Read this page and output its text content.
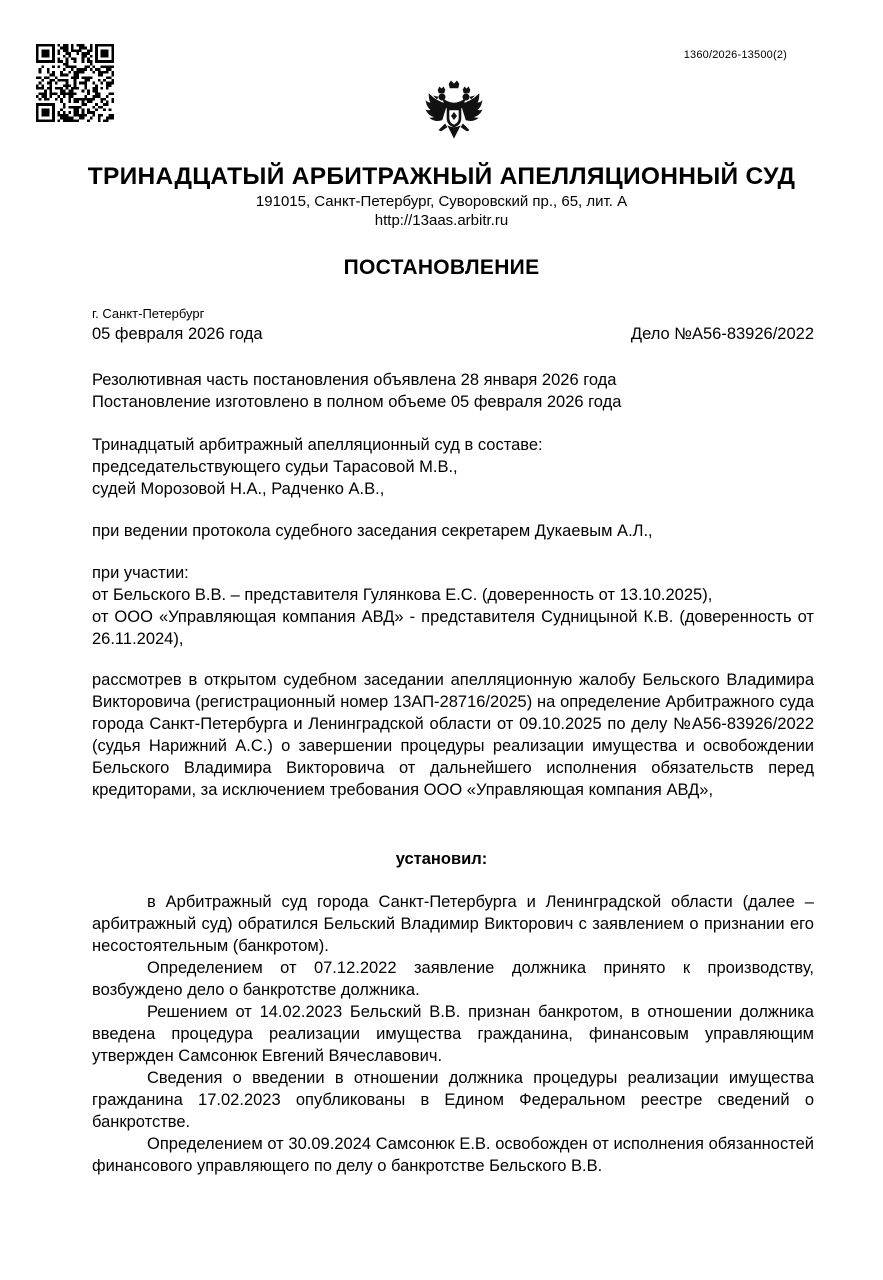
1360/2026-13500(2)
ТРИНАДЦАТЫЙ АРБИТРАЖНЫЙ АПЕЛЛЯЦИОННЫЙ СУД
191015, Санкт-Петербург, Суворовский пр., 65, лит. А
http://13aas.arbitr.ru
ПОСТАНОВЛЕНИЕ
г. Санкт-Петербург
05 февраля 2026 года	Дело №А56-83926/2022
Резолютивная часть постановления объявлена 28 января 2026 года
Постановление изготовлено в полном объеме 05 февраля 2026 года
Тринадцатый арбитражный апелляционный суд в составе:
председательствующего судьи Тарасовой М.В.,
судей Морозовой Н.А., Радченко А.В.,
при ведении протокола судебного заседания секретарем Дукаевым А.Л.,
при участии:
от Бельского В.В. – представителя Гулянкова Е.С. (доверенность от 13.10.2025),
от ООО «Управляющая компания АВД» - представителя Судницыной К.В. (доверенность от 26.11.2024),
рассмотрев в открытом судебном заседании апелляционную жалобу Бельского Владимира Викторовича (регистрационный номер 13АП-28716/2025) на определение Арбитражного суда города Санкт-Петербурга и Ленинградской области от 09.10.2025 по делу №А56-83926/2022 (судья Нарижний А.С.) о завершении процедуры реализации имущества и освобождении Бельского Владимира Викторовича от дальнейшего исполнения обязательств перед кредиторами, за исключением требования ООО «Управляющая компания АВД»,
установил:
в Арбитражный суд города Санкт-Петербурга и Ленинградской области (далее – арбитражный суд) обратился Бельский Владимир Викторович с заявлением о признании его несостоятельным (банкротом).
Определением от 07.12.2022 заявление должника принято к производству, возбуждено дело о банкротстве должника.
Решением от 14.02.2023 Бельский В.В. признан банкротом, в отношении должника введена процедура реализации имущества гражданина, финансовым управляющим утвержден Самсонюк Евгений Вячеславович.
Сведения о введении в отношении должника процедуры реализации имущества гражданина 17.02.2023 опубликованы в Едином Федеральном реестре сведений о банкротстве.
Определением от 30.09.2024 Самсонюк Е.В. освобожден от исполнения обязанностей финансового управляющего по делу о банкротстве Бельского В.В.
